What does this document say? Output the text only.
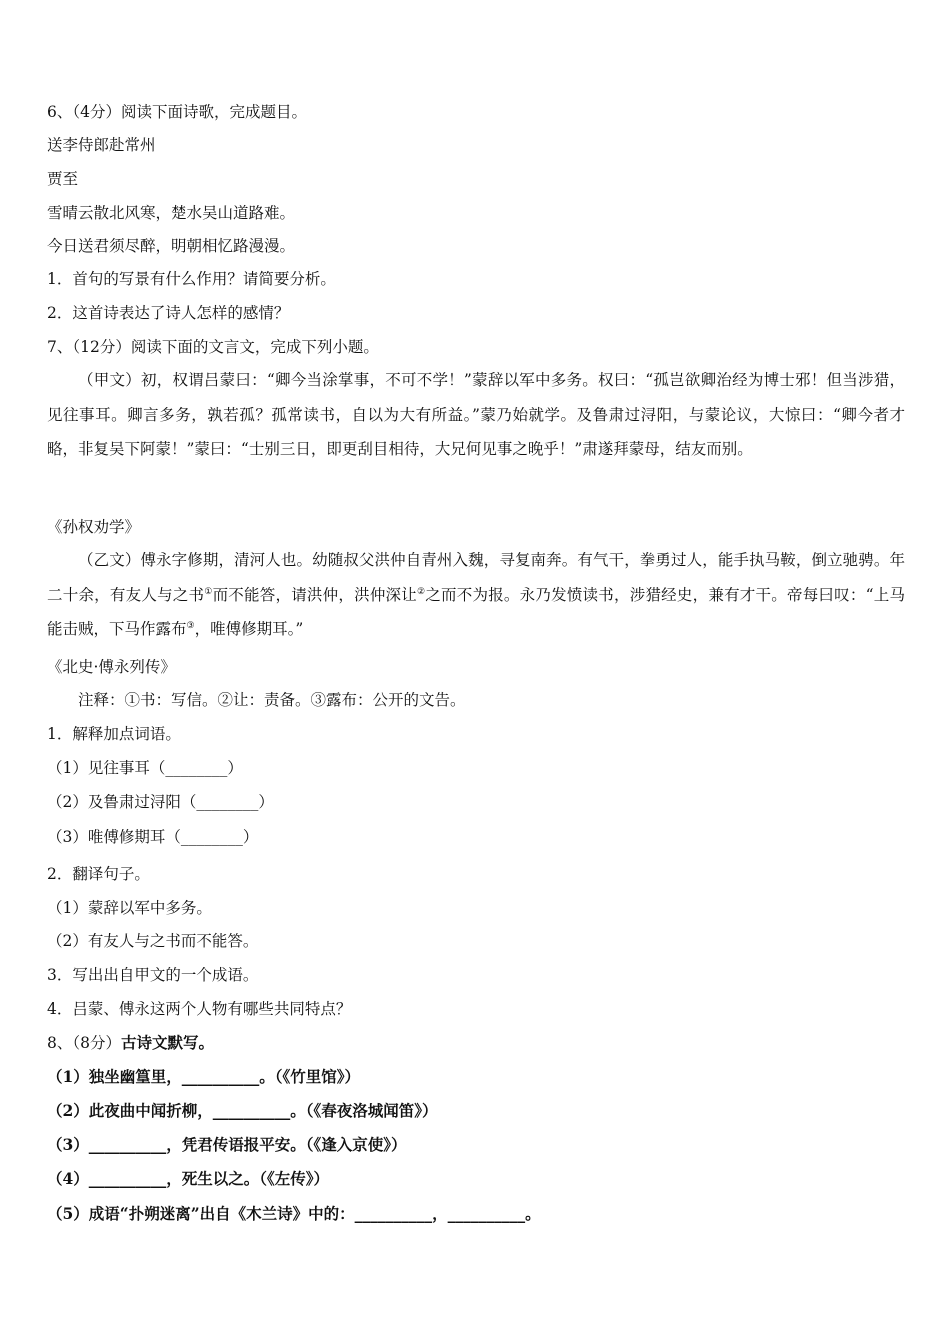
6、（4分）阅读下面诗歌，完成题目。
送李侍郎赴常州
贾至
雪晴云散北风寒，楚水吴山道路难。
今日送君须尽醉，明朝相忆路漫漫。
1．首句的写景有什么作用？请简要分析。
2．这首诗表达了诗人怎样的感情？
7、（12分）阅读下面的文言文，完成下列小题。

（甲文）初，权谓吕蒙曰：“卿今当涂掌事，不可不学！”蒙辞以军中多务。权曰：“孤岂欲卿治经为博士邪！但当涉猎，见往事耳。卿言多务，孰若孤？孤常读书，自以为大有所益。”蒙乃始就学。及鲁肃过浔阳，与蒙论议，大惊曰：“卿今者才略，非复吴下阿蒙！”蒙曰：“士别三日，即更刮目相待，大兄何见事之晚乎！”肃遂拜蒙母，结友而别。

《孙权劝学》

（乙文）傅永字修期，清河人也。幼随叔父洪仲自青州入魏，寻复南奔。有气干，拳勇过人，能手执马鞍，倒立驰骋。年二十余，有友人与之书①而不能答，请洪仲，洪仲深让②之而不为报。永乃发愤读书，涉猎经史，兼有才干。帝每曰叹：“上马能击贼，下马作露布③，唯傅修期耳。”

《北史·傅永列传》
注释：①书：写信。②让：责备。③露布：公开的文告。
1．解释加点词语。
（1）见往事耳（________）
（2）及鲁肃过浔阳（________）
（3）唯傅修期耳（________）
2．翻译句子。
（1）蒙辞以军中多务。
（2）有友人与之书而不能答。
3．写出出自甲文的一个成语。
4．吕蒙、傅永这两个人物有哪些共同特点？
8、（8分）古诗文默写。
（1）独坐幽篁里，__________。（《竹里馆》）
（2）此夜曲中闻折柳，__________。（《春夜洛城闻笛》）
（3）__________，凭君传语报平安。（《逢入京使》）
（4）__________，死生以之。（《左传》）
（5）成语“扑朔迷离”出自《木兰诗》中的：__________，__________。
